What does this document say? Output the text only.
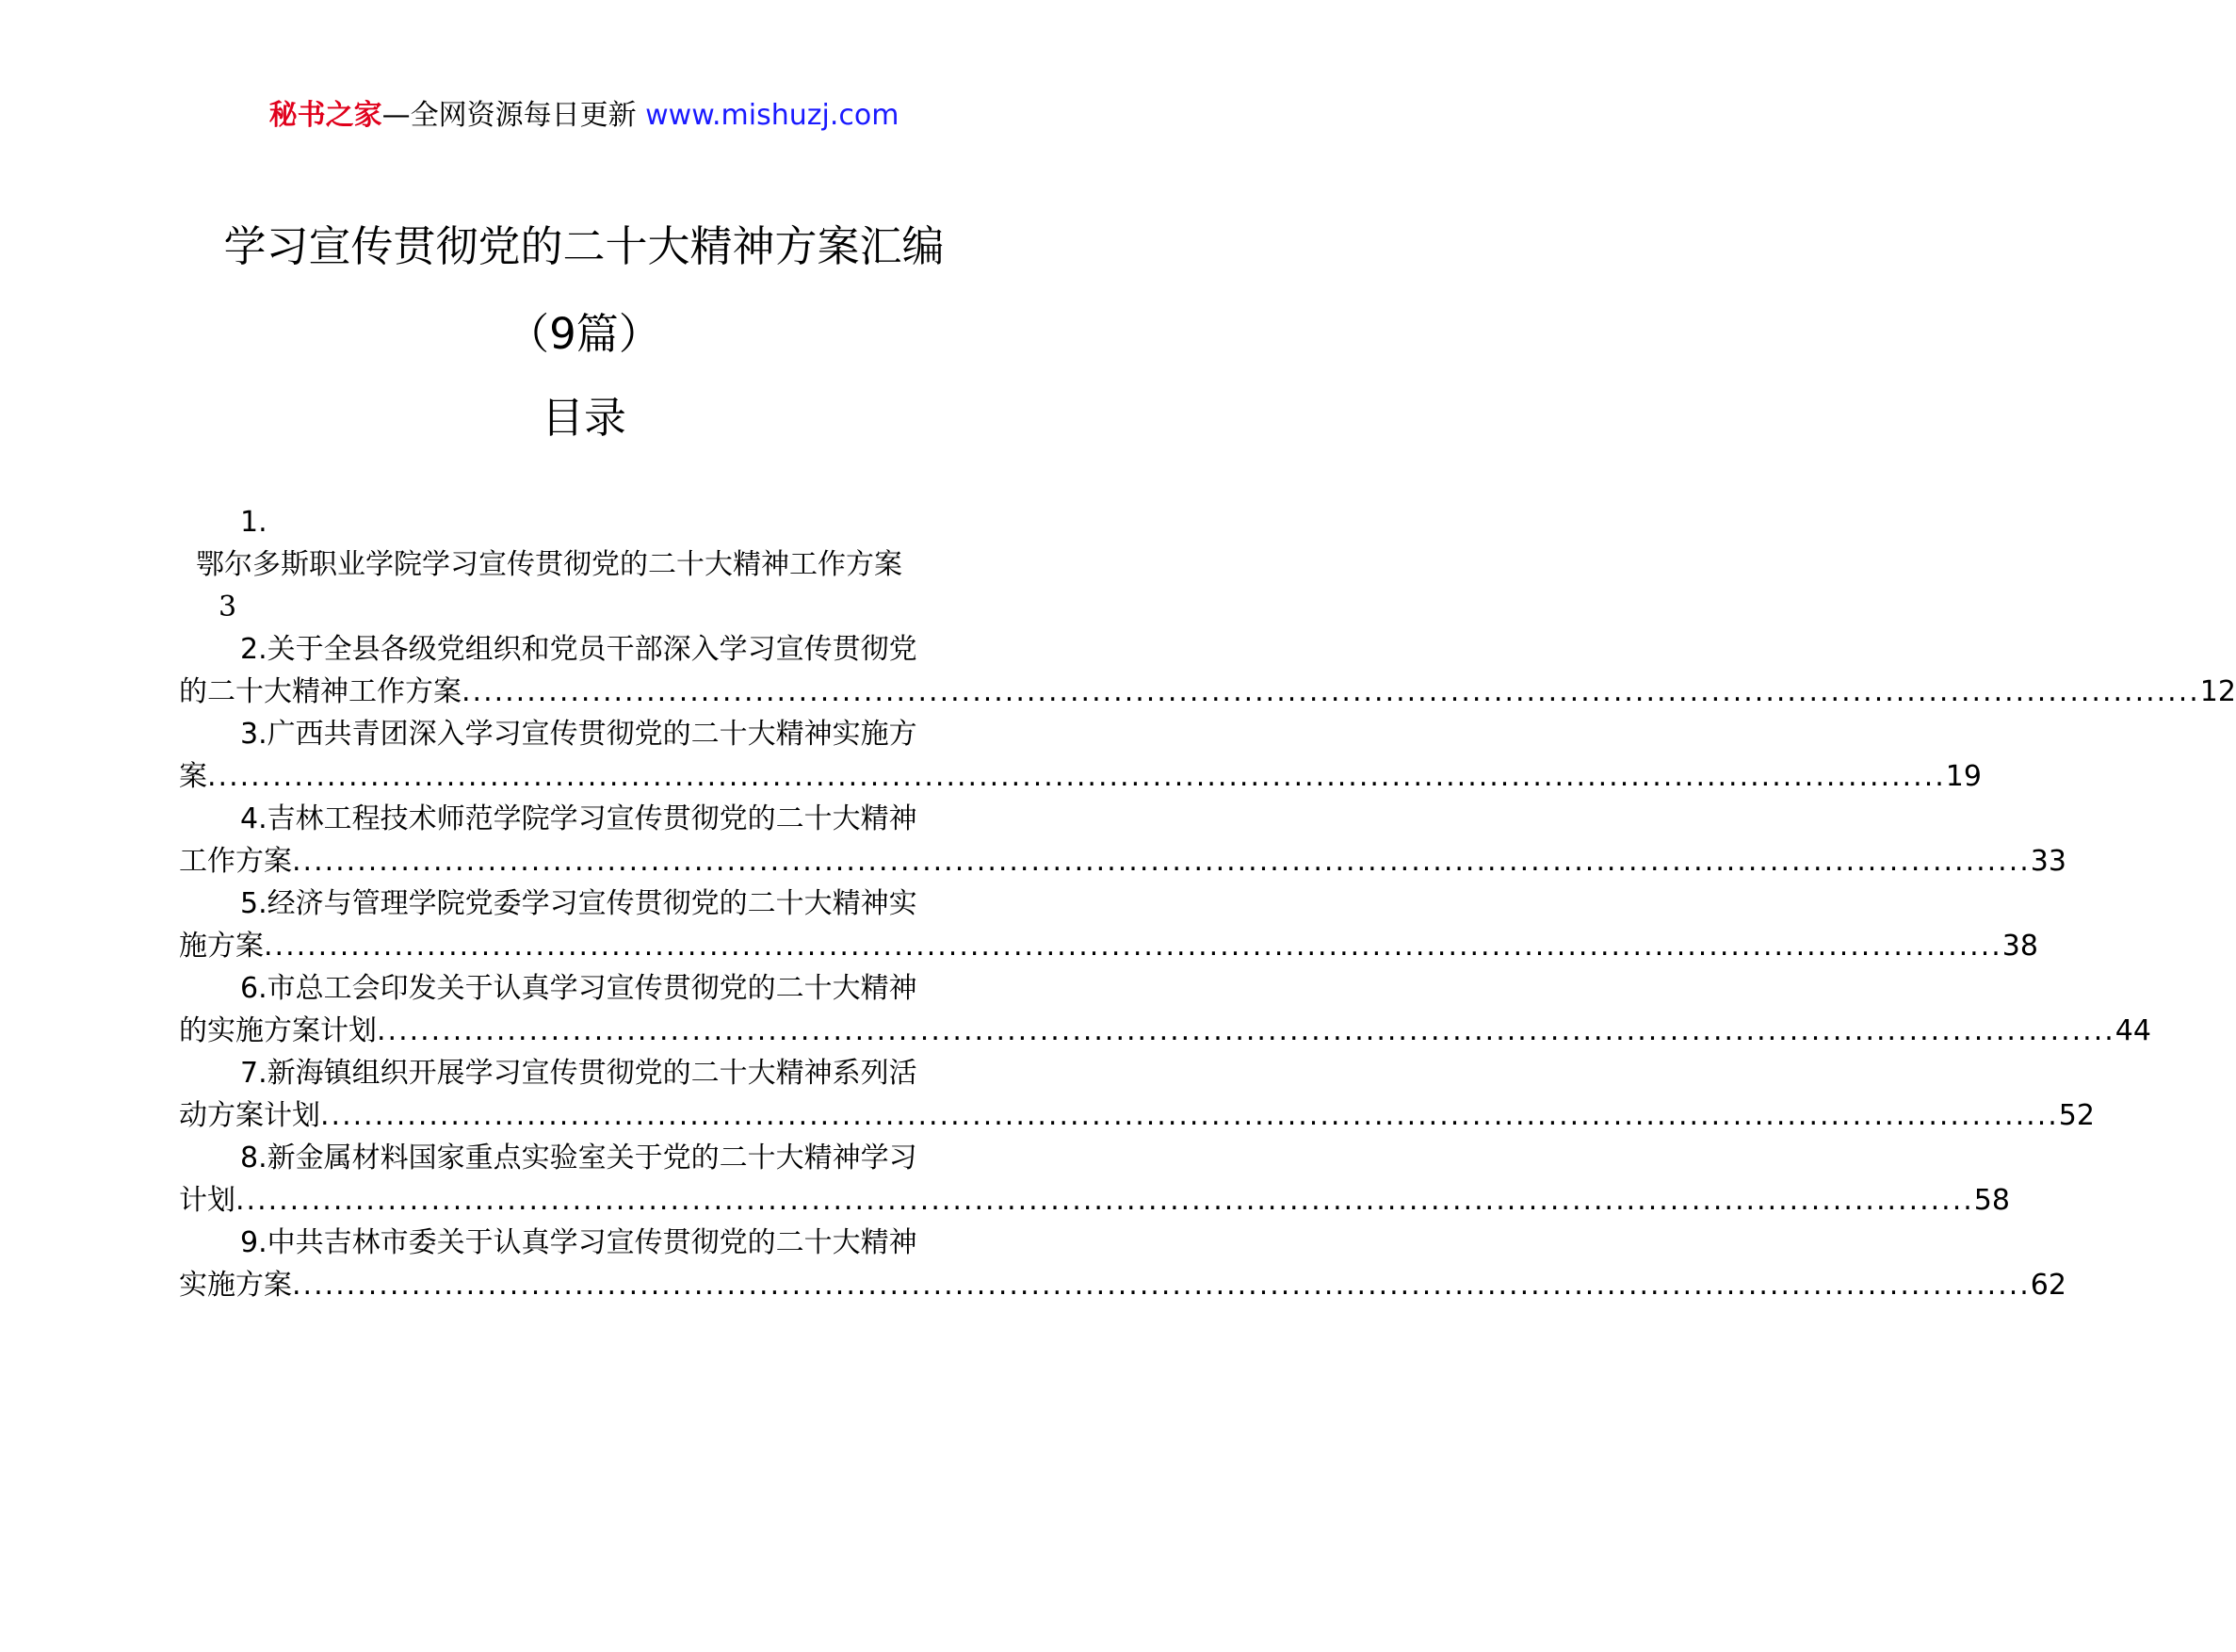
秘书之家—全网资源每日更新 www.mishuzj.com
学习宣传贯彻党的二十大精神方案汇编
（9篇）
目录
1.
鄂尔多斯职业学院学习宣传贯彻党的二十大精神工作方案
3
2.关于全县各级党组织和党员干部深入学习宣传贯彻党
的二十大精神工作方案 ................................................................................................................................................................ 12
3.广西共青团深入学习宣传贯彻党的二十大精神实施方
案 ................................................................................................................................................................ 19
4.吉林工程技术师范学院学习宣传贯彻党的二十大精神
工作方案 ................................................................................................................................................................ 33
5.经济与管理学院党委学习宣传贯彻党的二十大精神实
施方案 ................................................................................................................................................................ 38
6.市总工会印发关于认真学习宣传贯彻党的二十大精神
的实施方案计划 ................................................................................................................................................................ 44
7.新海镇组织开展学习宣传贯彻党的二十大精神系列活
动方案计划 ................................................................................................................................................................ 52
8.新金属材料国家重点实验室关于党的二十大精神学习
计划 ................................................................................................................................................................ 58
9.中共吉林市委关于认真学习宣传贯彻党的二十大精神
实施方案 ................................................................................................................................................................ 62
